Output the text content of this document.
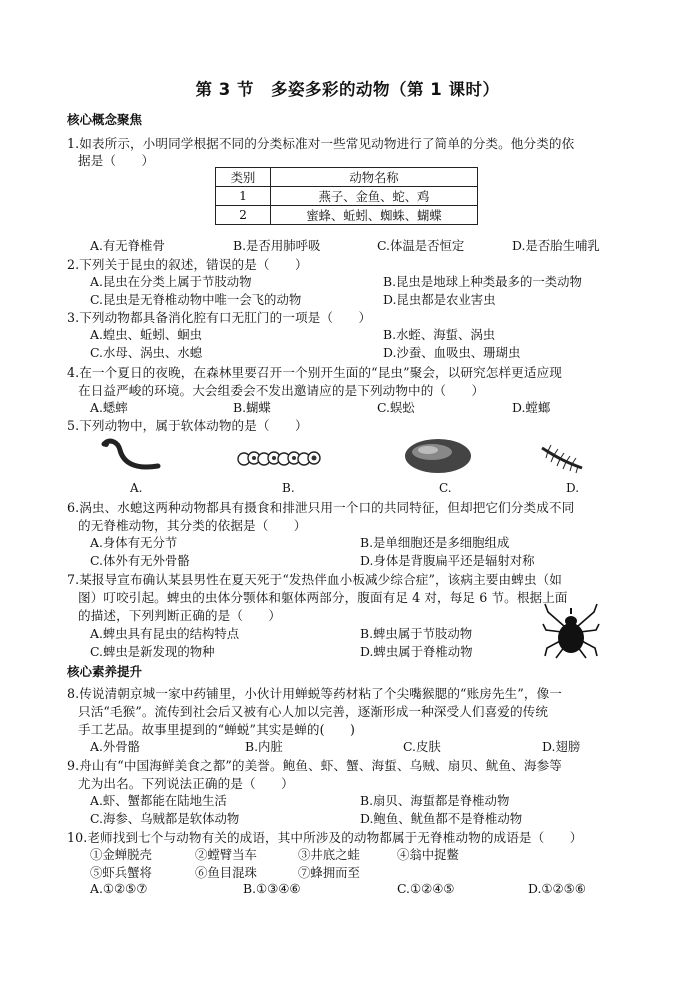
第 3 节　多姿多彩的动物（第 1 课时）
核心概念聚焦
1.如表所示，小明同学根据不同的分类标准对一些常见动物进行了简单的分类。他分类的依
据是（　　）
类别	动物名称
1	燕子、金鱼、蛇、鸡
2	蜜蜂、蚯蚓、蜘蛛、蝴蝶
A.有无脊椎骨	B.是否用肺呼吸	C.体温是否恒定	D.是否胎生哺乳
2.下列关于昆虫的叙述，错误的是（　　）
A.昆虫在分类上属于节肢动物	B.昆虫是地球上种类最多的一类动物
C.昆虫是无脊椎动物中唯一会飞的动物	D.昆虫都是农业害虫
3.下列动物都具备消化腔有口无肛门的一项是（　　）
A.蝗虫、蚯蚓、蛔虫	B.水蛭、海蜇、涡虫
C.水母、涡虫、水螅	D.沙蚕、血吸虫、珊瑚虫
4.在一个夏日的夜晚，在森林里要召开一个别开生面的“昆虫”聚会，以研究怎样更适应现
在日益严峻的环境。大会组委会不发出邀请应的是下列动物中的（　　）
A.蟋蟀	B.蝴蝶	C.蜈蚣	D.螳螂
5.下列动物中，属于软体动物的是（　　）
A.	B.	C.	D.
6.涡虫、水螅这两种动物都具有摄食和排泄只用一个口的共同特征，但却把它们分类成不同
的无脊椎动物，其分类的依据是（　　）
A.身体有无分节	B.是单细胞还是多细胞组成
C.体外有无外骨骼	D.身体是背腹扁平还是辐射对称
7.某报导宣布确认某县男性在夏天死于“发热伴血小板减少综合症”，该病主要由蜱虫（如
图）叮咬引起。蜱虫的虫体分颚体和躯体两部分，腹面有足 4 对，每足 6 节。根据上面
的描述，下列判断正确的是（　　）
A.蜱虫具有昆虫的结构特点	B.蜱虫属于节肢动物
C.蜱虫是新发现的物种	D.蜱虫属于脊椎动物
核心素养提升
8.传说清朝京城一家中药铺里，小伙计用蝉蜕等药材粘了个尖嘴猴腮的“账房先生”，像一
只活“毛猴”。流传到社会后又被有心人加以完善，逐渐形成一种深受人们喜爱的传统
手工艺品。故事里提到的“蝉蜕”其实是蝉的(　　)
A.外骨骼	B.内脏	C.皮肤	D.翅膀
9.舟山有“中国海鲜美食之都”的美誉。鲍鱼、虾、蟹、海蜇、乌贼、扇贝、鱿鱼、海参等
尤为出名。下列说法正确的是（　　）
A.虾、蟹都能在陆地生活	B.扇贝、海蜇都是脊椎动物
C.海参、乌贼都是软体动物	D.鲍鱼、鱿鱼都不是脊椎动物
10.老师找到七个与动物有关的成语，其中所涉及的动物都属于无脊椎动物的成语是（　　）
①金蝉脱壳	②螳臂当车	③井底之蛙	④翁中捉鳖
⑤虾兵蟹将	⑥鱼目混珠	⑦蜂拥而至
A.①②⑤⑦	B.①③④⑥	C.①②④⑤	D.①②⑤⑥
